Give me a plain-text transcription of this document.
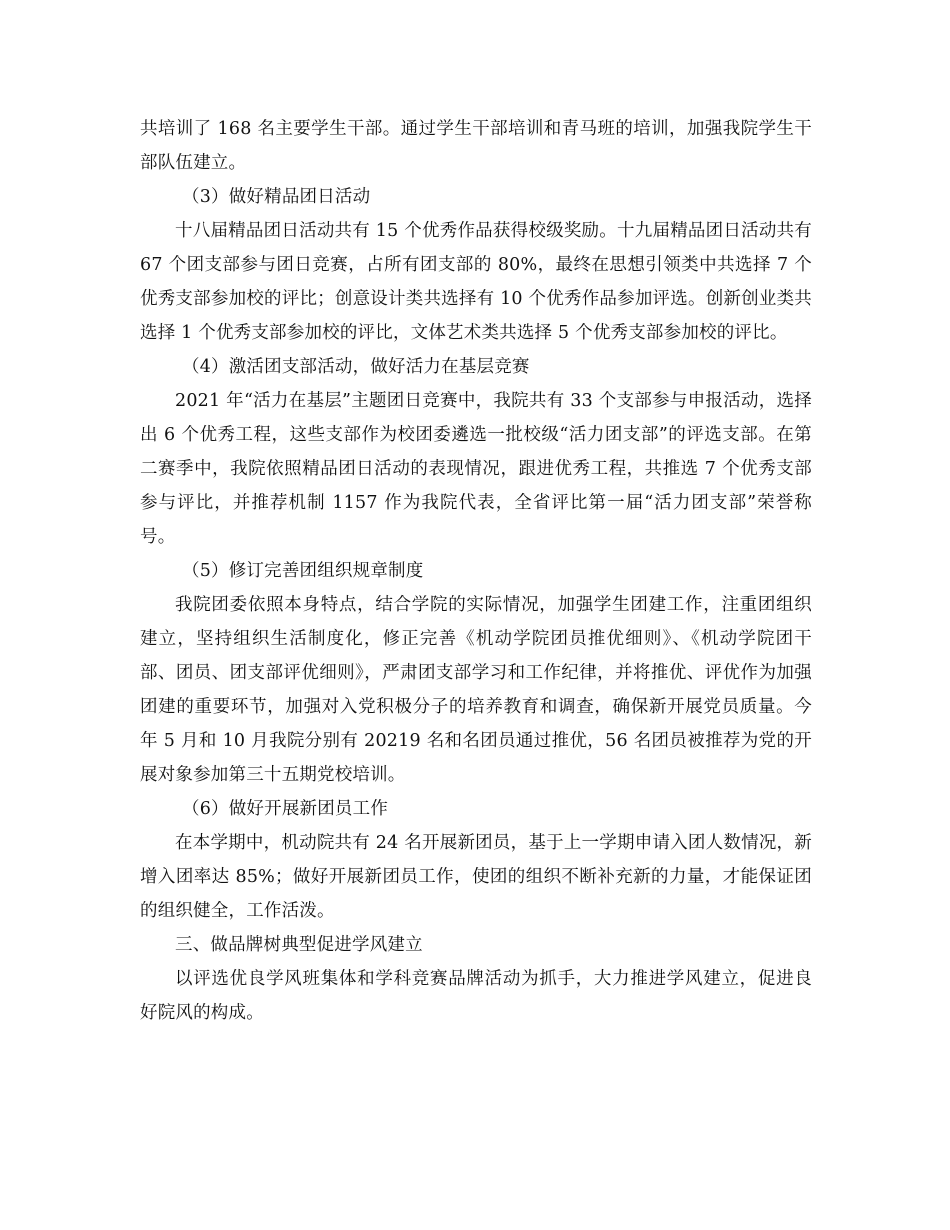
共培训了 168 名主要学生干部。通过学生干部培训和青马班的培训，加强我院学生干部队伍建立。

（3）做好精品团日活动

十八届精品团日活动共有 15 个优秀作品获得校级奖励。十九届精品团日活动共有 67 个团支部参与团日竞赛，占所有团支部的 80%，最终在思想引领类中共选择 7 个优秀支部参加校的评比；创意设计类共选择有 10 个优秀作品参加评选。创新创业类共选择 1 个优秀支部参加校的评比，文体艺术类共选择 5 个优秀支部参加校的评比。

（4）激活团支部活动，做好活力在基层竞赛

2021 年“活力在基层”主题团日竞赛中，我院共有 33 个支部参与申报活动，选择出 6 个优秀工程，这些支部作为校团委遴选一批校级“活力团支部”的评选支部。在第二赛季中，我院依照精品团日活动的表现情况，跟进优秀工程，共推选 7 个优秀支部参与评比，并推荐机制 1157 作为我院代表，全省评比第一届“活力团支部”荣誉称号。

（5）修订完善团组织规章制度

我院团委依照本身特点，结合学院的实际情况，加强学生团建工作，注重团组织建立，坚持组织生活制度化，修正完善《机动学院团员推优细则》、《机动学院团干部、团员、团支部评优细则》，严肃团支部学习和工作纪律，并将推优、评优作为加强团建的重要环节，加强对入党积极分子的培养教育和调查，确保新开展党员质量。今年 5 月和 10 月我院分别有 20219 名和名团员通过推优，56 名团员被推荐为党的开展对象参加第三十五期党校培训。

（6）做好开展新团员工作

在本学期中，机动院共有 24 名开展新团员，基于上一学期申请入团人数情况，新增入团率达 85%；做好开展新团员工作，使团的组织不断补充新的力量，才能保证团的组织健全，工作活泼。

三、做品牌树典型促进学风建立

以评选优良学风班集体和学科竞赛品牌活动为抓手，大力推进学风建立，促进良好院风的构成。
